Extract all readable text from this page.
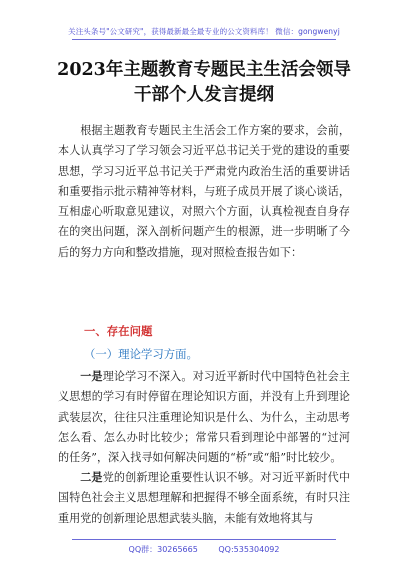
关注头条号"公文研究"，获得最新最全最专业的公文资料库！ 微信：gongwenyj
2023年主题教育专题民主生活会领导干部个人发言提纲
根据主题教育专题民主生活会工作方案的要求，会前，本人认真学习了学习领会习近平总书记关于党的建设的重要思想，学习习近平总书记关于严肃党内政治生活的重要讲话和重要指示批示精神等材料，与班子成员开展了谈心谈话，互相虚心听取意见建议，对照六个方面，认真检视查自身存在的突出问题，深入剖析问题产生的根源，进一步明晰了今后的努力方向和整改措施，现对照检查报告如下：
一、存在问题
（一）理论学习方面。
一是理论学习不深入。对习近平新时代中国特色社会主义思想的学习有时停留在理论知识方面，并没有上升到理论武装层次，往往只注重理论知识是什么、为什么，主动思考怎么看、怎么办时比较少；常常只看到理论中部署的“过河的任务”，深入找寻如何解决问题的“桥”或“船”时比较少。
二是党的创新理论重要性认识不够。对习近平新时代中国特色社会主义思想理解和把握得不够全面系统，有时只注重用党的创新理论思想武装头脑，未能有效地将其与
QQ群：30265665	QQ:535304092
